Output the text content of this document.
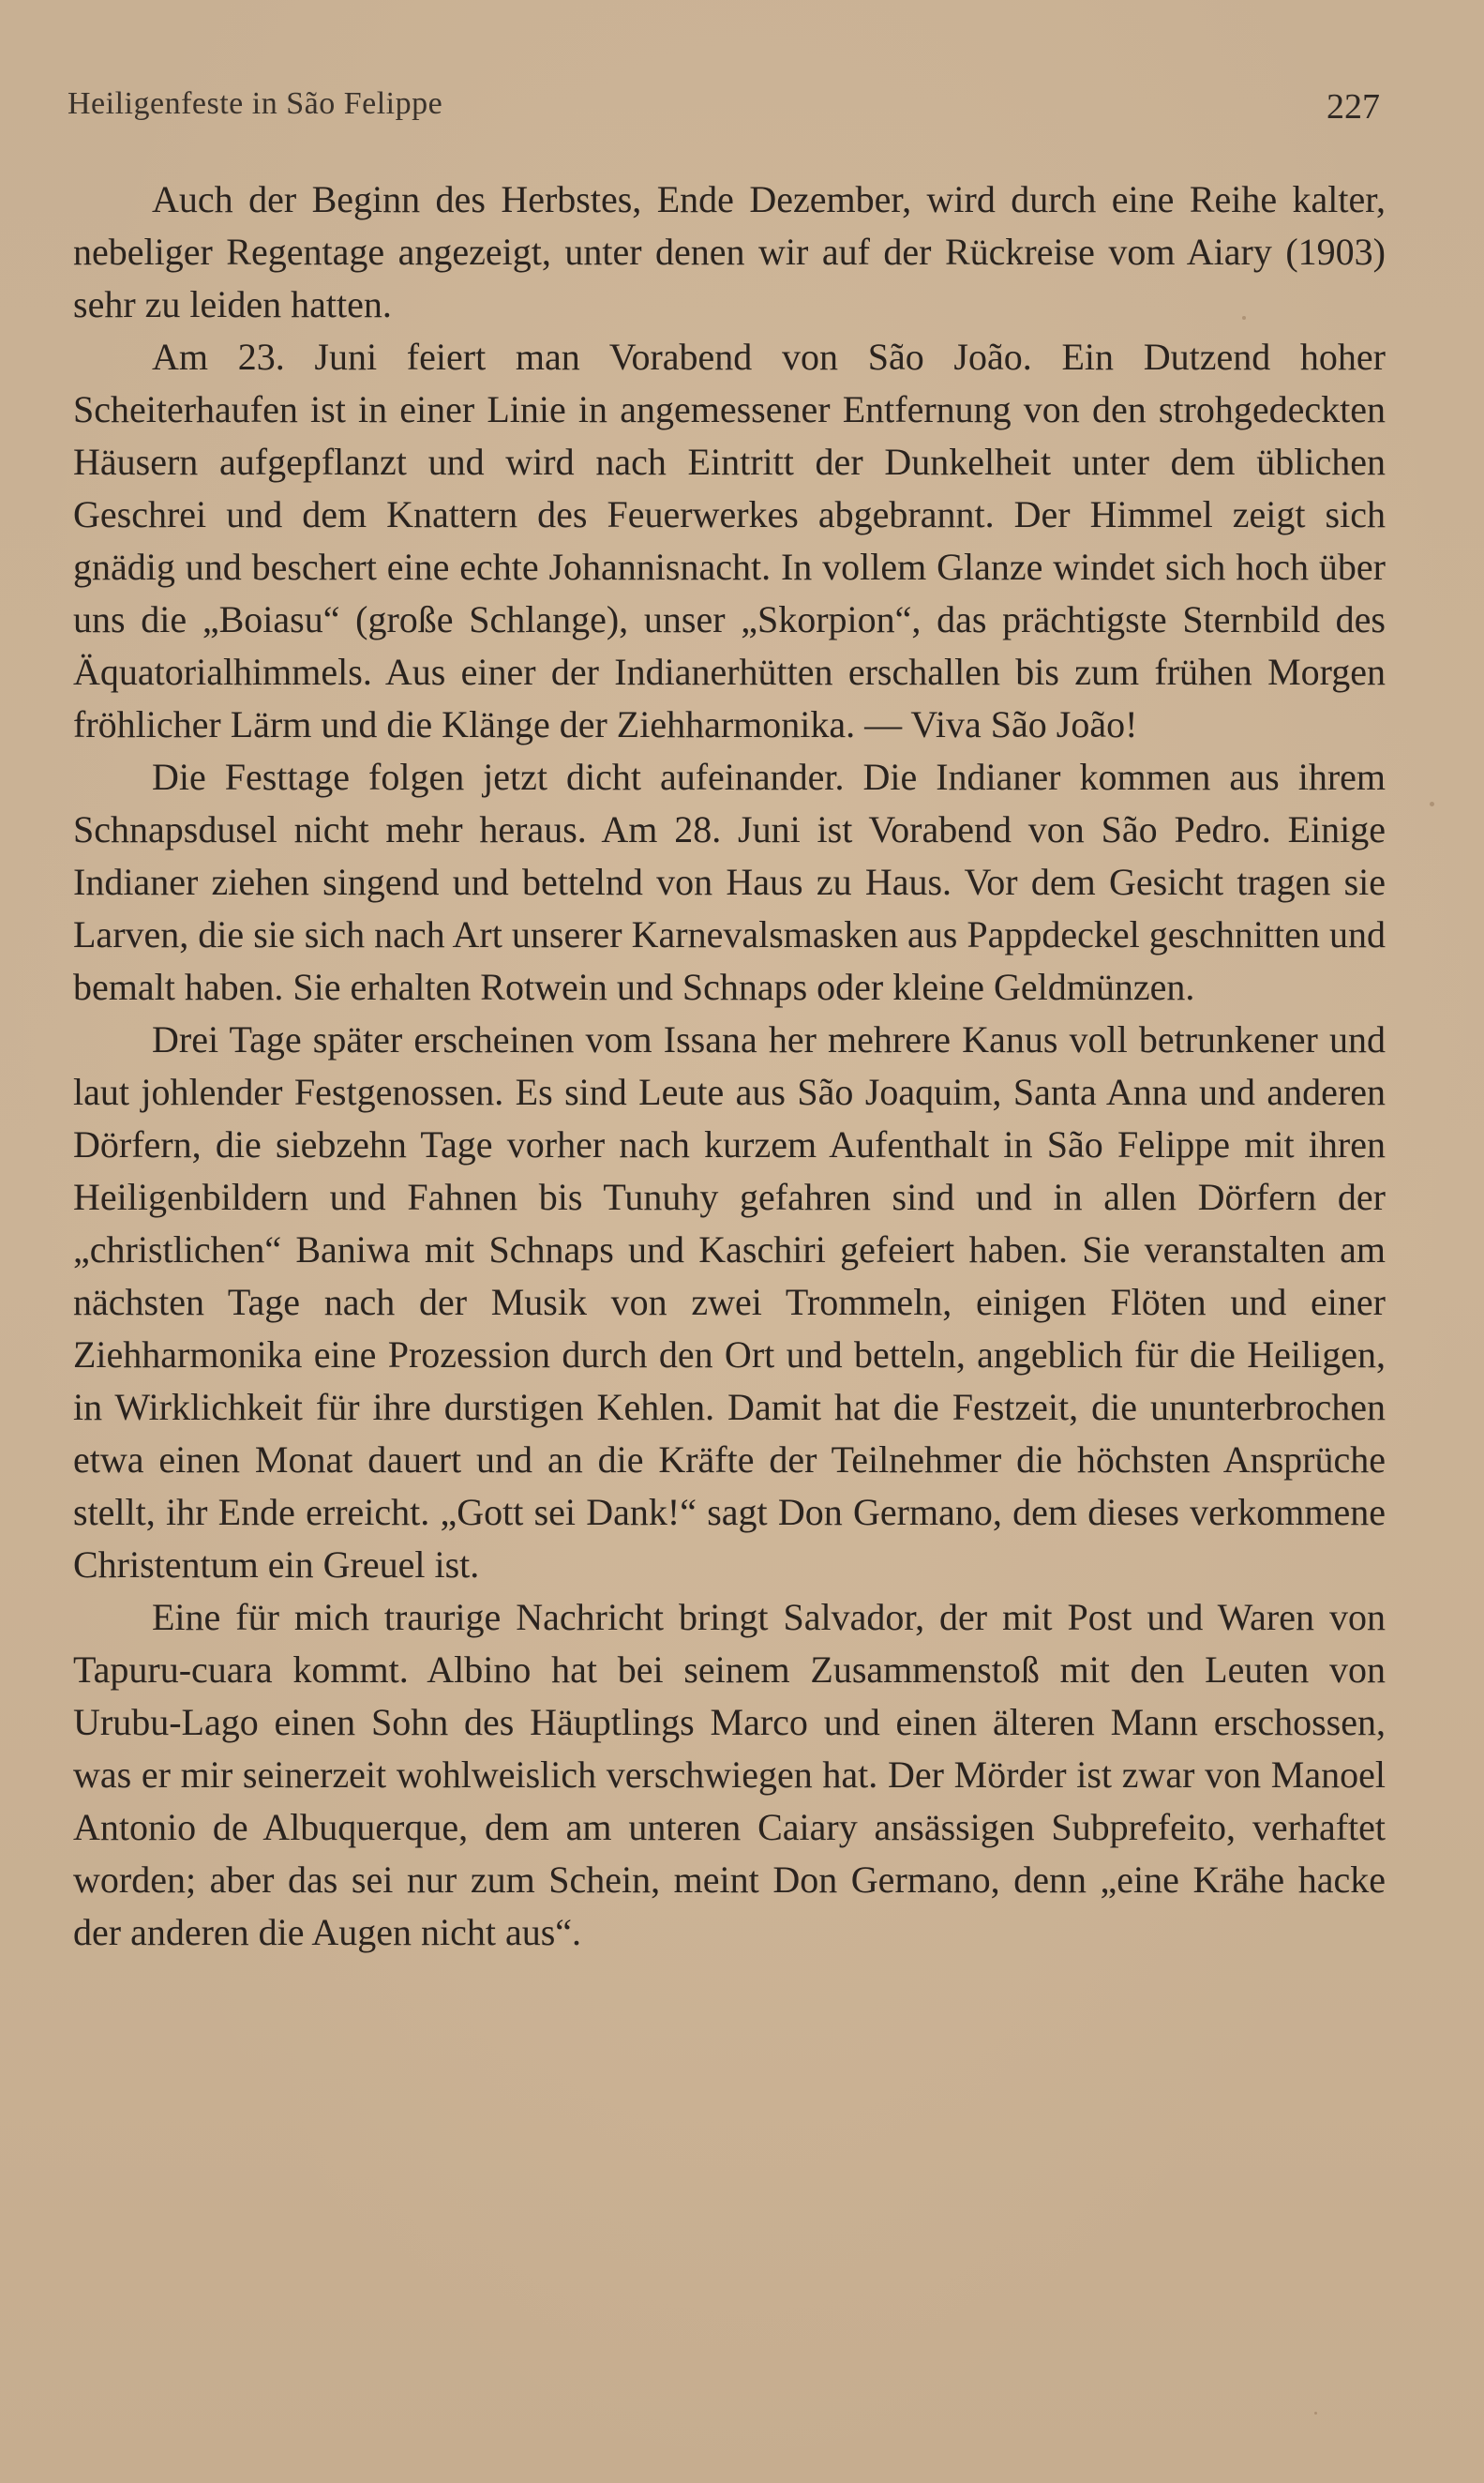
Heiligenfeste in São Felippe	227

Auch der Beginn des Herbstes, Ende Dezember, wird durch eine Reihe kalter, nebeliger Regentage angezeigt, unter denen wir auf der Rückreise vom Aiary (1903) sehr zu leiden hatten.

Am 23. Juni feiert man Vorabend von São João. Ein Dutzend hoher Scheiterhaufen ist in einer Linie in angemessener Entfernung von den strohgedeckten Häusern aufgepflanzt und wird nach Eintritt der Dunkelheit unter dem üblichen Geschrei und dem Knattern des Feuerwerkes abgebrannt. Der Himmel zeigt sich gnädig und beschert eine echte Johannisnacht. In vollem Glanze windet sich hoch über uns die „Boiasu“ (große Schlange), unser „Skorpion“, das prächtigste Sternbild des Äquatorialhimmels. Aus einer der Indianerhütten erschallen bis zum frühen Morgen fröhlicher Lärm und die Klänge der Ziehharmonika. — Viva São João!

Die Festtage folgen jetzt dicht aufeinander. Die Indianer kommen aus ihrem Schnapsdusel nicht mehr heraus. Am 28. Juni ist Vorabend von São Pedro. Einige Indianer ziehen singend und bettelnd von Haus zu Haus. Vor dem Gesicht tragen sie Larven, die sie sich nach Art unserer Karnevalsmasken aus Pappdeckel geschnitten und bemalt haben. Sie erhalten Rotwein und Schnaps oder kleine Geldmünzen.

Drei Tage später erscheinen vom Issana her mehrere Kanus voll betrunkener und laut johlender Festgenossen. Es sind Leute aus São Joaquim, Santa Anna und anderen Dörfern, die siebzehn Tage vorher nach kurzem Aufenthalt in São Felippe mit ihren Heiligenbildern und Fahnen bis Tunuhy gefahren sind und in allen Dörfern der „christlichen“ Baniwa mit Schnaps und Kaschiri gefeiert haben. Sie veranstalten am nächsten Tage nach der Musik von zwei Trommeln, einigen Flöten und einer Ziehharmonika eine Prozession durch den Ort und betteln, angeblich für die Heiligen, in Wirklichkeit für ihre durstigen Kehlen. Damit hat die Festzeit, die ununterbrochen etwa einen Monat dauert und an die Kräfte der Teilnehmer die höchsten Ansprüche stellt, ihr Ende erreicht. „Gott sei Dank!“ sagt Don Germano, dem dieses verkommene Christentum ein Greuel ist.

Eine für mich traurige Nachricht bringt Salvador, der mit Post und Waren von Tapuru-cuara kommt. Albino hat bei seinem Zusammenstoß mit den Leuten von Urubu-Lago einen Sohn des Häuptlings Marco und einen älteren Mann erschossen, was er mir seinerzeit wohlweislich verschwiegen hat. Der Mörder ist zwar von Manoel Antonio de Albuquerque, dem am unteren Caiary ansässigen Subprefeito, verhaftet worden; aber das sei nur zum Schein, meint Don Germano, denn „eine Krähe hacke der anderen die Augen nicht aus“.
